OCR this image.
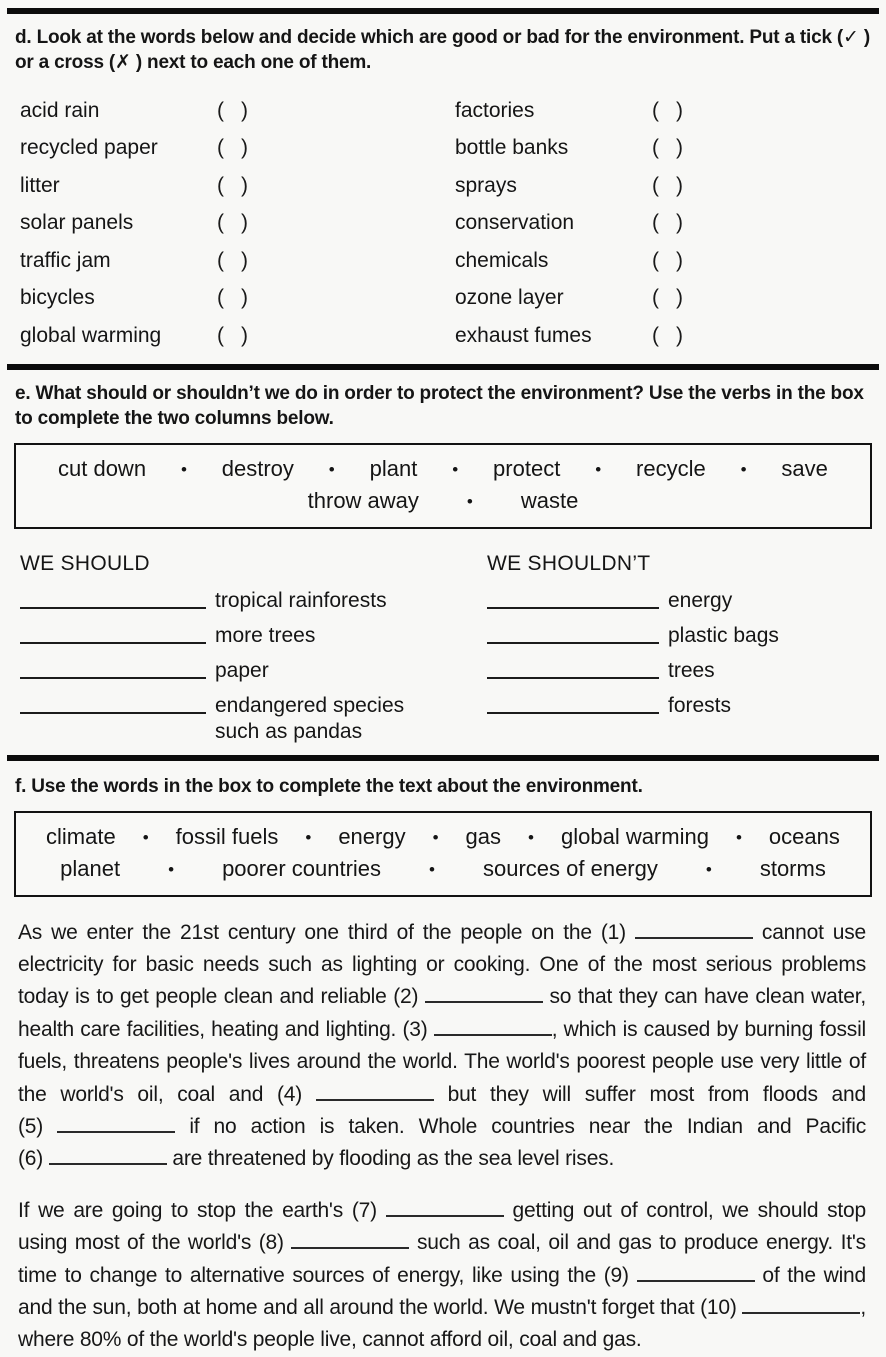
d. Look at the words below and decide which are good or bad for the environment. Put a tick (✓ ) or a cross (✗ ) next to each one of them.

acid rain	( )	factories	( )
recycled paper	( )	bottle banks	( )
litter	( )	sprays	( )
solar panels	( )	conservation	( )
traffic jam	( )	chemicals	( )
bicycles	( )	ozone layer	( )
global warming	( )	exhaust fumes	( )

e. What should or shouldn’t we do in order to protect the environment? Use the verbs in the box to complete the two columns below.

cut down • destroy • plant • protect • recycle • save
throw away	• waste

WE SHOULD

tropical rainforests
more trees
paper
endangered species such as pandas

WE SHOULDN’T

energy
plastic bags
trees
forests

f. Use the words in the box to complete the text about the environment.

climate • fossil fuels • energy • gas • global warming • oceans
planet	• poorer countries	• sources of energy	• storms

As we enter the 21st century one third of the people on the (1)	cannot use electricity for basic needs such as lighting or cooking. One of the most serious problems today is to get people clean and reliable (2)	so that they can have clean water, health care facilities, heating and lighting. (3)	, which is caused by burning fossil fuels, threatens people's lives around the world. The world's poorest people use very little of the world's oil, coal and (4)	but they will suffer most from floods and (5)	if no action is taken. Whole countries near the Indian and Pacific (6)	are threatened by flooding as the sea level rises.

If we are going to stop the earth's (7)	getting out of control, we should stop using most of the world's (8)	such as coal, oil and gas to produce energy. It's time to change to alternative sources of energy, like using the (9)	of the wind and the sun, both at home and all around the world. We mustn't forget that (10)	, where 80% of the world's people live, cannot afford oil, coal and gas.
